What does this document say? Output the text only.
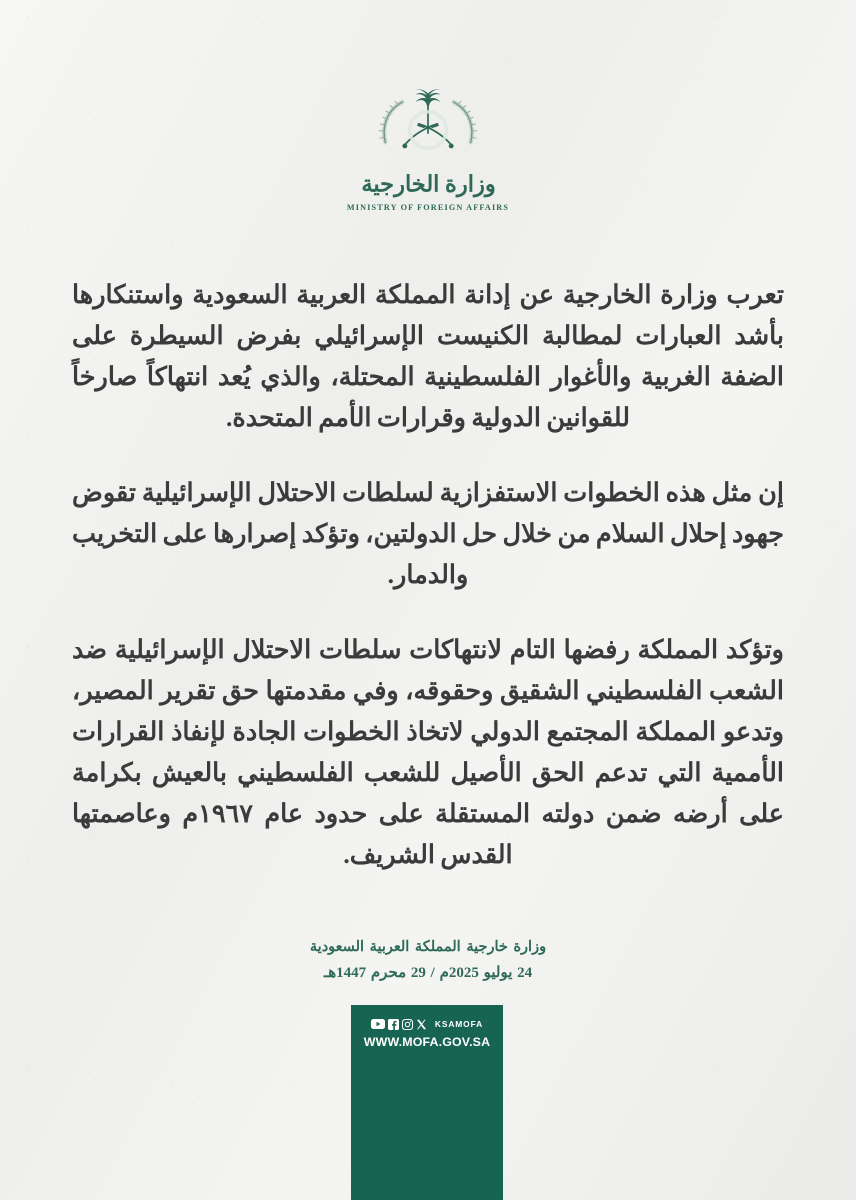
وزارة الخارجية
MINISTRY OF FOREIGN AFFAIRS

تعرب وزارة الخارجية عن إدانة المملكة العربية السعودية واستنكارها بأشد العبارات لمطالبة الكنيست الإسرائيلي بفرض السيطرة على الضفة الغربية والأغوار الفلسطينية المحتلة، والذي يُعد انتهاكاً صارخاً للقوانين الدولية وقرارات الأمم المتحدة.

إن مثل هذه الخطوات الاستفزازية لسلطات الاحتلال الإسرائيلية تقوض جهود إحلال السلام من خلال حل الدولتين، وتؤكد إصرارها على التخريب والدمار.

وتؤكد المملكة رفضها التام لانتهاكات سلطات الاحتلال الإسرائيلية ضد الشعب الفلسطيني الشقيق وحقوقه، وفي مقدمتها حق تقرير المصير، وتدعو المملكة المجتمع الدولي لاتخاذ الخطوات الجادة لإنفاذ القرارات الأممية التي تدعم الحق الأصيل للشعب الفلسطيني بالعيش بكرامة على أرضه ضمن دولته المستقلة على حدود عام ١٩٦٧م وعاصمتها القدس الشريف.

وزارة خارجية المملكة العربية السعودية
24 يوليو 2025م / 29 محرم 1447هـ
KSAMOFA
WWW.MOFA.GOV.SA
